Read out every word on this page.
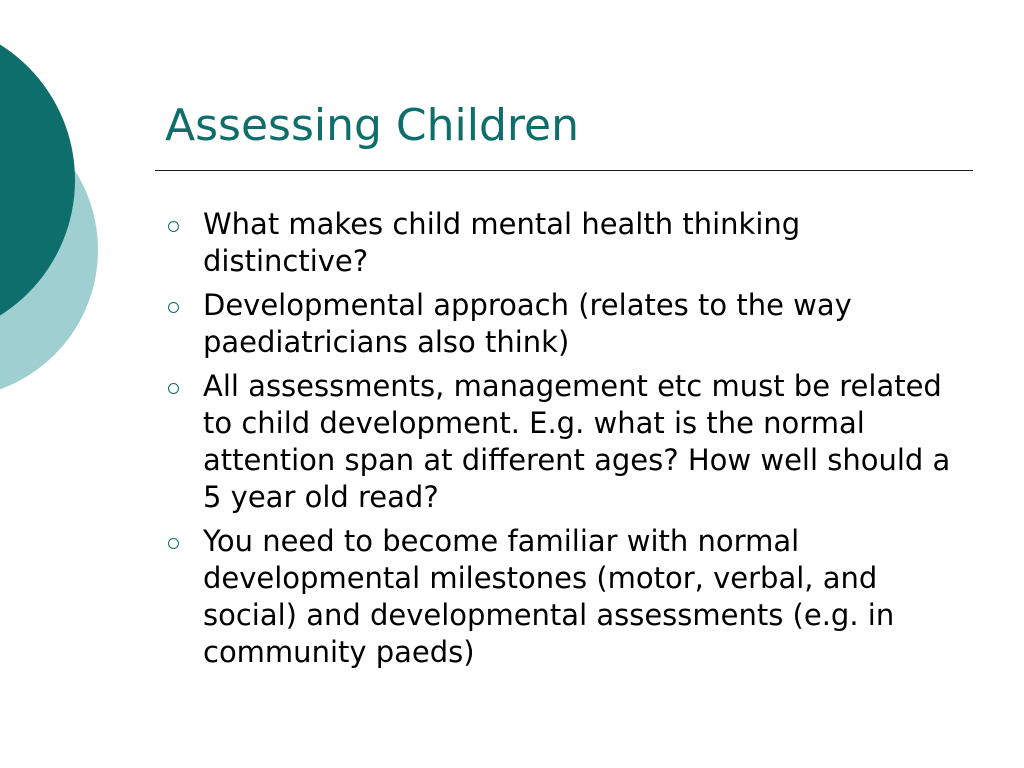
Assessing Children
What makes child mental health thinking distinctive?
Developmental approach (relates to the way paediatricians also think)
All assessments, management etc must be related to child development. E.g. what is the normal attention span at different ages? How well should a 5 year old read?
You need to become familiar with normal developmental milestones (motor, verbal, and social) and developmental assessments (e.g. in community paeds)
